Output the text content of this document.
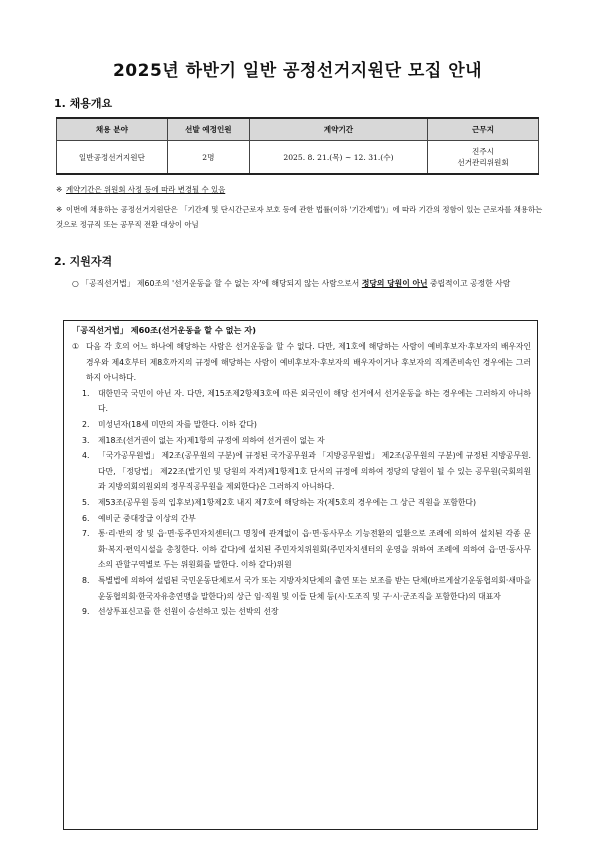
2025년 하반기 일반 공정선거지원단 모집 안내
1. 채용개요
채용 분야	선발 예정인원	계약기간	근무지
일반공정선거지원단	2명	2025. 8. 21.(목) ~ 12. 31.(수)	진주시
선거관리위원회
※ 계약기간은 위원회 사정 등에 따라 변경될 수 있음
※ 이번에 채용하는 공정선거지원단은 「기간제 및 단시간근로자 보호 등에 관한 법률(이하 '기간제법')」에 따라 기간의 정함이 있는 근로자를 채용하는 것으로 정규직 또는 공무직 전환 대상이 아님
2. 지원자격
○ 「공직선거법」 제60조의 '선거운동을 할 수 없는 자'에 해당되지 않는 사람으로서 정당의 당원이 아닌 중립적이고 공정한 사람
「공직선거법」 제60조(선거운동을 할 수 없는 자)
① 다음 각 호의 어느 하나에 해당하는 사람은 선거운동을 할 수 없다. 다만, 제1호에 해당하는 사람이 예비후보자·후보자의 배우자인 경우와 제4호부터 제8호까지의 규정에 해당하는 사람이 예비후보자·후보자의 배우자이거나 후보자의 직계존비속인 경우에는 그러하지 아니하다.
1. 대한민국 국민이 아닌 자. 다만, 제15조제2항제3호에 따른 외국인이 해당 선거에서 선거운동을 하는 경우에는 그러하지 아니하다.
2. 미성년자(18세 미만의 자를 말한다. 이하 같다)
3. 제18조(선거권이 없는 자)제1항의 규정에 의하여 선거권이 없는 자
4. 「국가공무원법」 제2조(공무원의 구분)에 규정된 국가공무원과 「지방공무원법」 제2조(공무원의 구분)에 규정된 지방공무원. 다만, 「정당법」 제22조(발기인 및 당원의 자격)제1항제1호 단서의 규정에 의하여 정당의 당원이 될 수 있는 공무원(국회의원과 지방의회의원외의 정무직공무원을 제외한다)은 그러하지 아니하다.
5. 제53조(공무원 등의 입후보)제1항제2호 내지 제7호에 해당하는 자(제5호의 경우에는 그 상근 직원을 포함한다)
6. 예비군 중대장급 이상의 간부
7. 통·리·반의 장 및 읍·면·동주민자치센터(그 명칭에 관계없이 읍·면·동사무소 기능전환의 일환으로 조례에 의하여 설치된 각종 문화·복지·편익시설을 총칭한다. 이하 같다)에 설치된 주민자치위원회(주민자치센터의 운영을 위하여 조례에 의하여 읍·면·동사무소의 관할구역별로 두는 위원회를 말한다. 이하 같다)위원
8. 특별법에 의하여 설립된 국민운동단체로서 국가 또는 지방자치단체의 출연 또는 보조를 받는 단체(바르게살기운동협의회·새마을운동협의회·한국자유총연맹을 말한다)의 상근 임·직원 및 이들 단체 등(시·도조직 및 구·시·군조직을 포함한다)의 대표자
9. 선상투표신고를 한 선원이 승선하고 있는 선박의 선장
